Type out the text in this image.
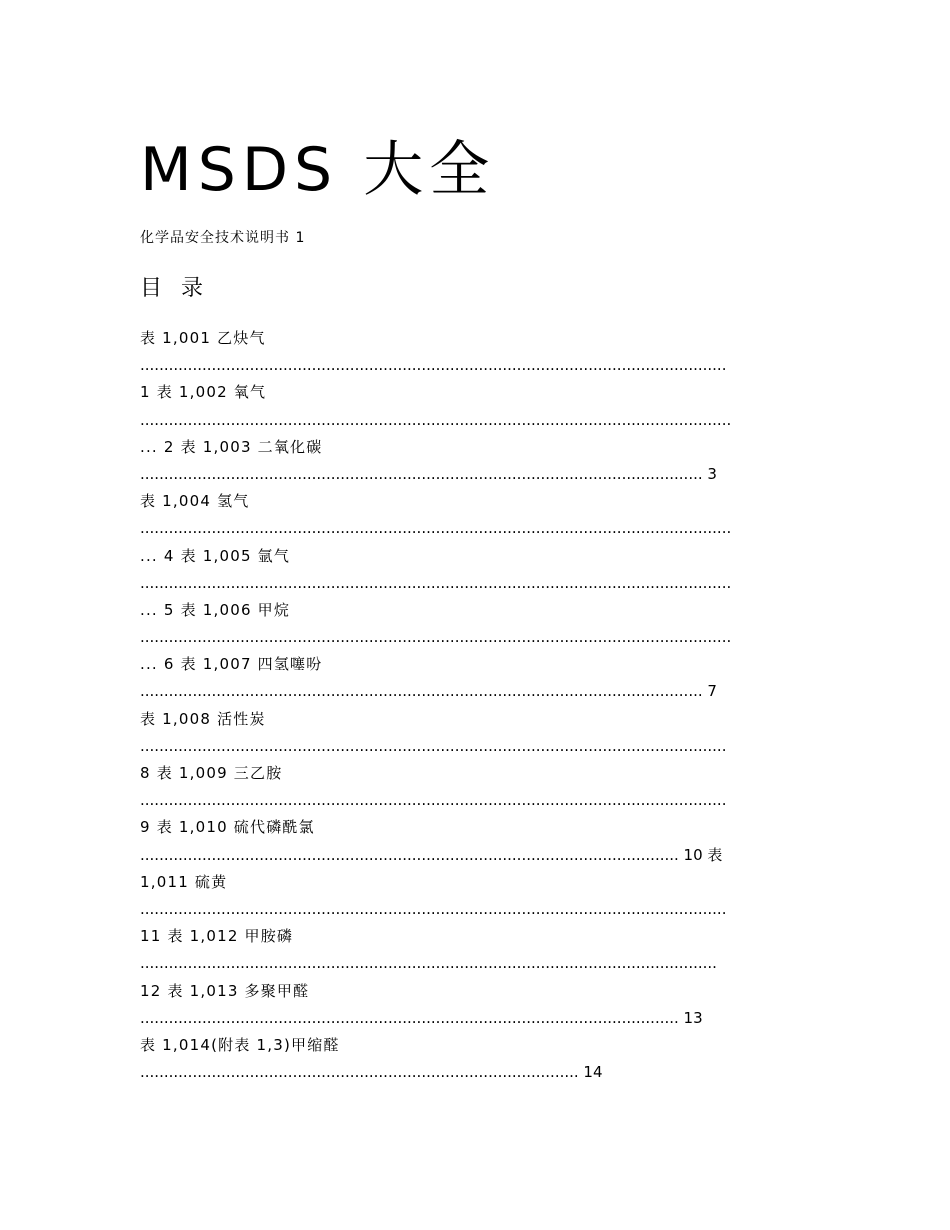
MSDS 大全

化学品安全技术说明书 1

目 录
表 1,001 乙炔气
...........................................................................................................................
1 表 1,002 氧气
............................................................................................................................
... 2 表 1,003 二氧化碳
...................................................................................................................... 3
表 1,004 氢气
............................................................................................................................
... 4 表 1,005 氩气
............................................................................................................................
... 5 表 1,006 甲烷
............................................................................................................................
... 6 表 1,007 四氢噻吩
...................................................................................................................... 7
表 1,008 活性炭
...........................................................................................................................
8 表 1,009 三乙胺
...........................................................................................................................
9 表 1,010 硫代磷酰氯
................................................................................................................. 10 表
1,011 硫黄
...........................................................................................................................
11 表 1,012 甲胺磷
.........................................................................................................................
12 表 1,013 多聚甲醛
................................................................................................................. 13
表 1,014(附表 1,3)甲缩醛
............................................................................................ 14
